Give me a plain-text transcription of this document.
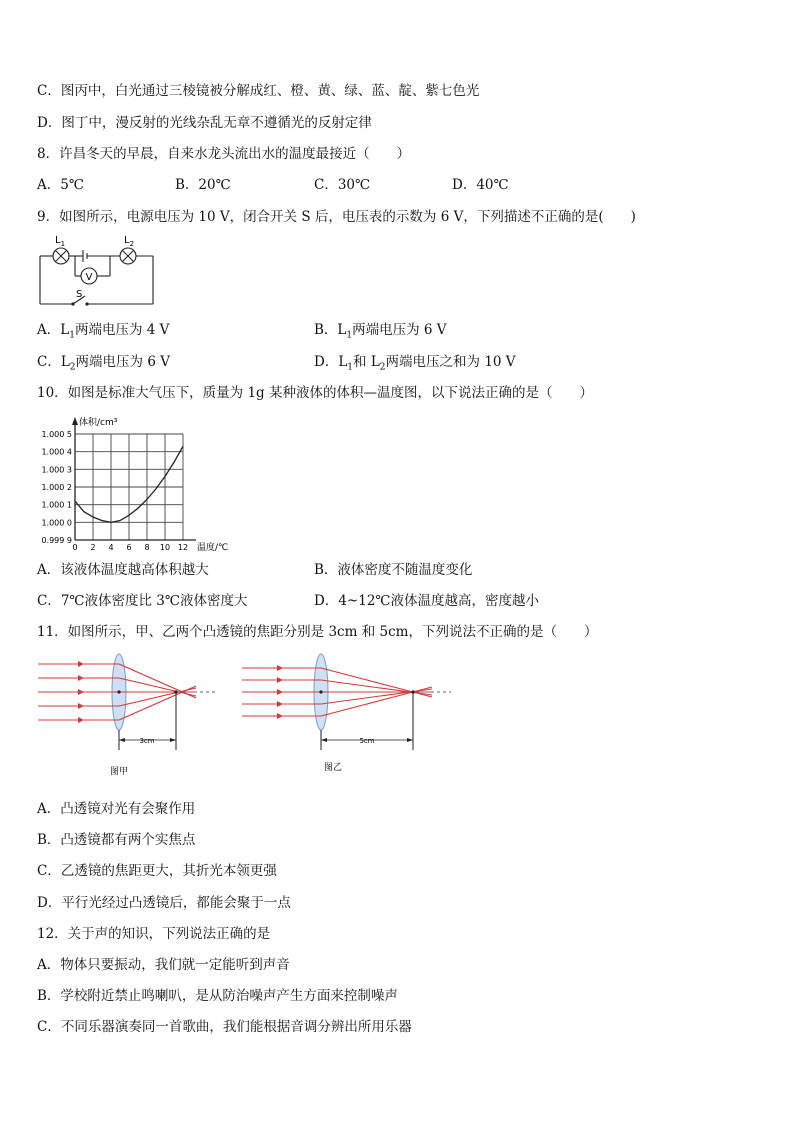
C．图丙中，白光通过三棱镜被分解成红、橙、黄、绿、蓝、靛、紫七色光
D．图丁中，漫反射的光线杂乱无章不遵循光的反射定律
8．许昌冬天的早晨，自来水龙头流出水的温度最接近（　　）
A．5℃	B．20℃	C．30℃	D．40℃
9．如图所示，电源电压为 10 V，闭合开关 S 后，电压表的示数为 6 V，下列描述不正确的是(　　)
V
$L_1$	$L_2$
S
A．$L_1$两端电压为 4 V	B．$L_1$两端电压为 6 V
C．$L_2$两端电压为 6 V	D．$L_1$和 $L_2$两端电压之和为 10 V
10．如图是标准大气压下，质量为 1g 某种液体的体积—温度图，以下说法正确的是（　　）
体积/cm³
温度/℃
1.000 5
1.000 4
1.000 3
1.000 2
1.000 1
1.000 0
0.999 9
0 2 4 6 8 10 12
A．该液体温度越高体积越大	B．液体密度不随温度变化
C．7℃液体密度比 3℃液体密度大	D．4~12℃液体温度越高，密度越小
11．如图所示，甲、乙两个凸透镜的焦距分别是 3cm 和 5cm，下列说法不正确的是（　　）
3cm
图甲
5cm
图乙
A．凸透镜对光有会聚作用
B．凸透镜都有两个实焦点
C．乙透镜的焦距更大，其折光本领更强
D．平行光经过凸透镜后，都能会聚于一点
12．关于声的知识，下列说法正确的是
A．物体只要振动，我们就一定能听到声音
B．学校附近禁止鸣喇叭，是从防治噪声产生方面来控制噪声
C．不同乐器演奏同一首歌曲，我们能根据音调分辨出所用乐器
